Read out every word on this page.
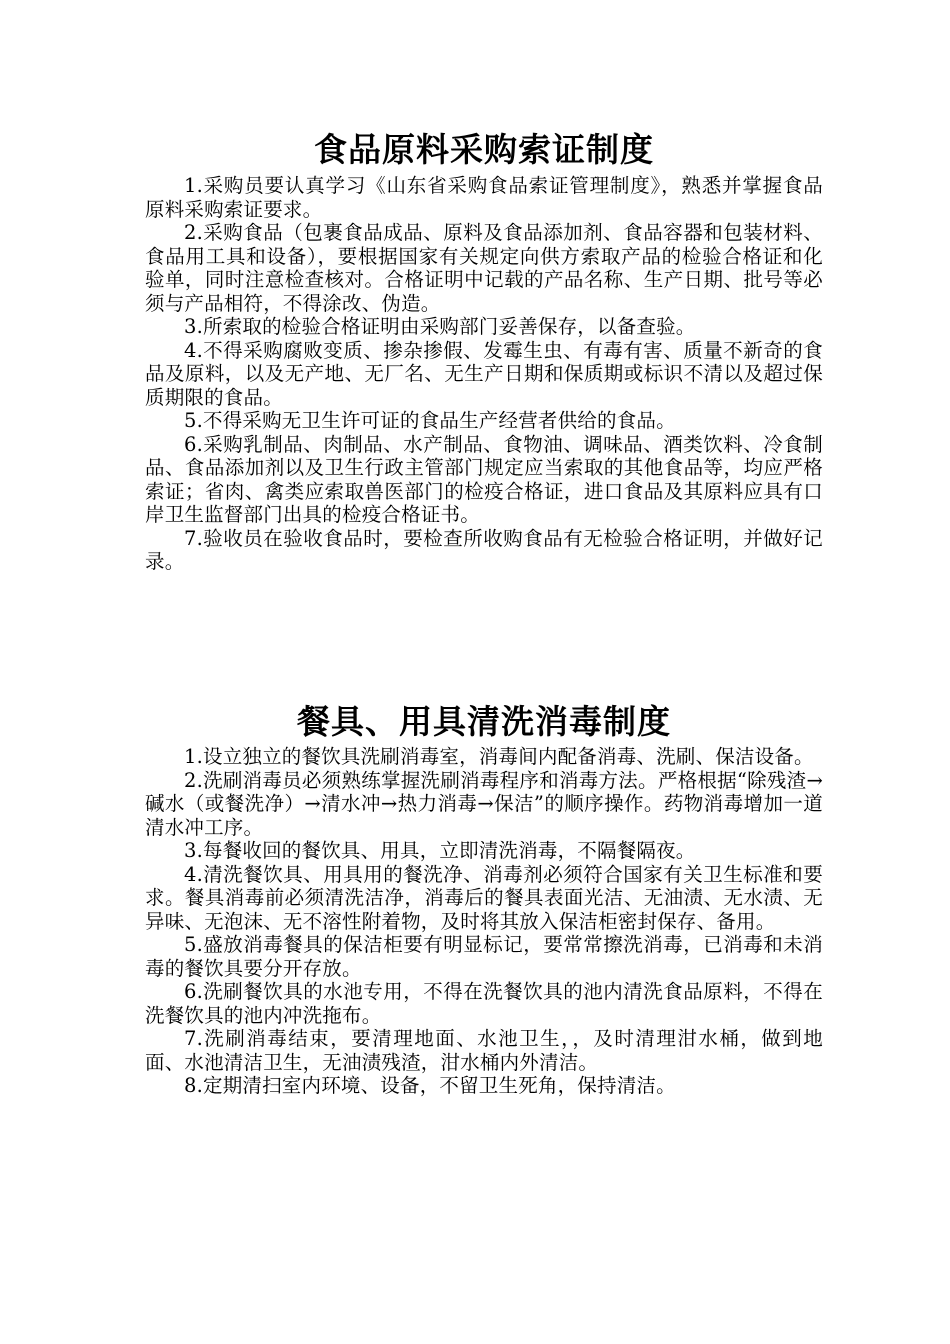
食品原料采购索证制度

1.采购员要认真学习《山东省采购食品索证管理制度》，熟悉并掌握食品原料采购索证要求。

2.采购食品（包裹食品成品、原料及食品添加剂、食品容器和包装材料、食品用工具和设备），要根据国家有关规定向供方索取产品的检验合格证和化验单，同时注意检查核对。合格证明中记载的产品名称、生产日期、批号等必须与产品相符，不得涂改、伪造。

3.所索取的检验合格证明由采购部门妥善保存，以备查验。

4.不得采购腐败变质、掺杂掺假、发霉生虫、有毒有害、质量不新奇的食品及原料，以及无产地、无厂名、无生产日期和保质期或标识不清以及超过保质期限的食品。

5.不得采购无卫生许可证的食品生产经营者供给的食品。

6.采购乳制品、肉制品、水产制品、食物油、调味品、酒类饮料、冷食制品、食品添加剂以及卫生行政主管部门规定应当索取的其他食品等，均应严格索证；省肉、禽类应索取兽医部门的检疫合格证，进口食品及其原料应具有口岸卫生监督部门出具的检疫合格证书。

7.验收员在验收食品时，要检查所收购食品有无检验合格证明，并做好记录。

餐具、用具清洗消毒制度

1.设立独立的餐饮具洗刷消毒室，消毒间内配备消毒、洗刷、保洁设备。

2.洗刷消毒员必须熟练掌握洗刷消毒程序和消毒方法。严格根据“除残渣→碱水（或餐洗净）→清水冲→热力消毒→保洁”的顺序操作。药物消毒增加一道清水冲工序。

3.每餐收回的餐饮具、用具，立即清洗消毒，不隔餐隔夜。

4.清洗餐饮具、用具用的餐洗净、消毒剂必须符合国家有关卫生标准和要求。餐具消毒前必须清洗洁净，消毒后的餐具表面光洁、无油渍、无水渍、无异味、无泡沫、无不溶性附着物，及时将其放入保洁柜密封保存、备用。

5.盛放消毒餐具的保洁柜要有明显标记，要常常擦洗消毒，已消毒和未消毒的餐饮具要分开存放。

6.洗刷餐饮具的水池专用，不得在洗餐饮具的池内清洗食品原料，不得在洗餐饮具的池内冲洗拖布。

7.洗刷消毒结束，要清理地面、水池卫生，，及时清理泔水桶，做到地面、水池清洁卫生，无油渍残渣，泔水桶内外清洁。

8.定期清扫室内环境、设备，不留卫生死角，保持清洁。
